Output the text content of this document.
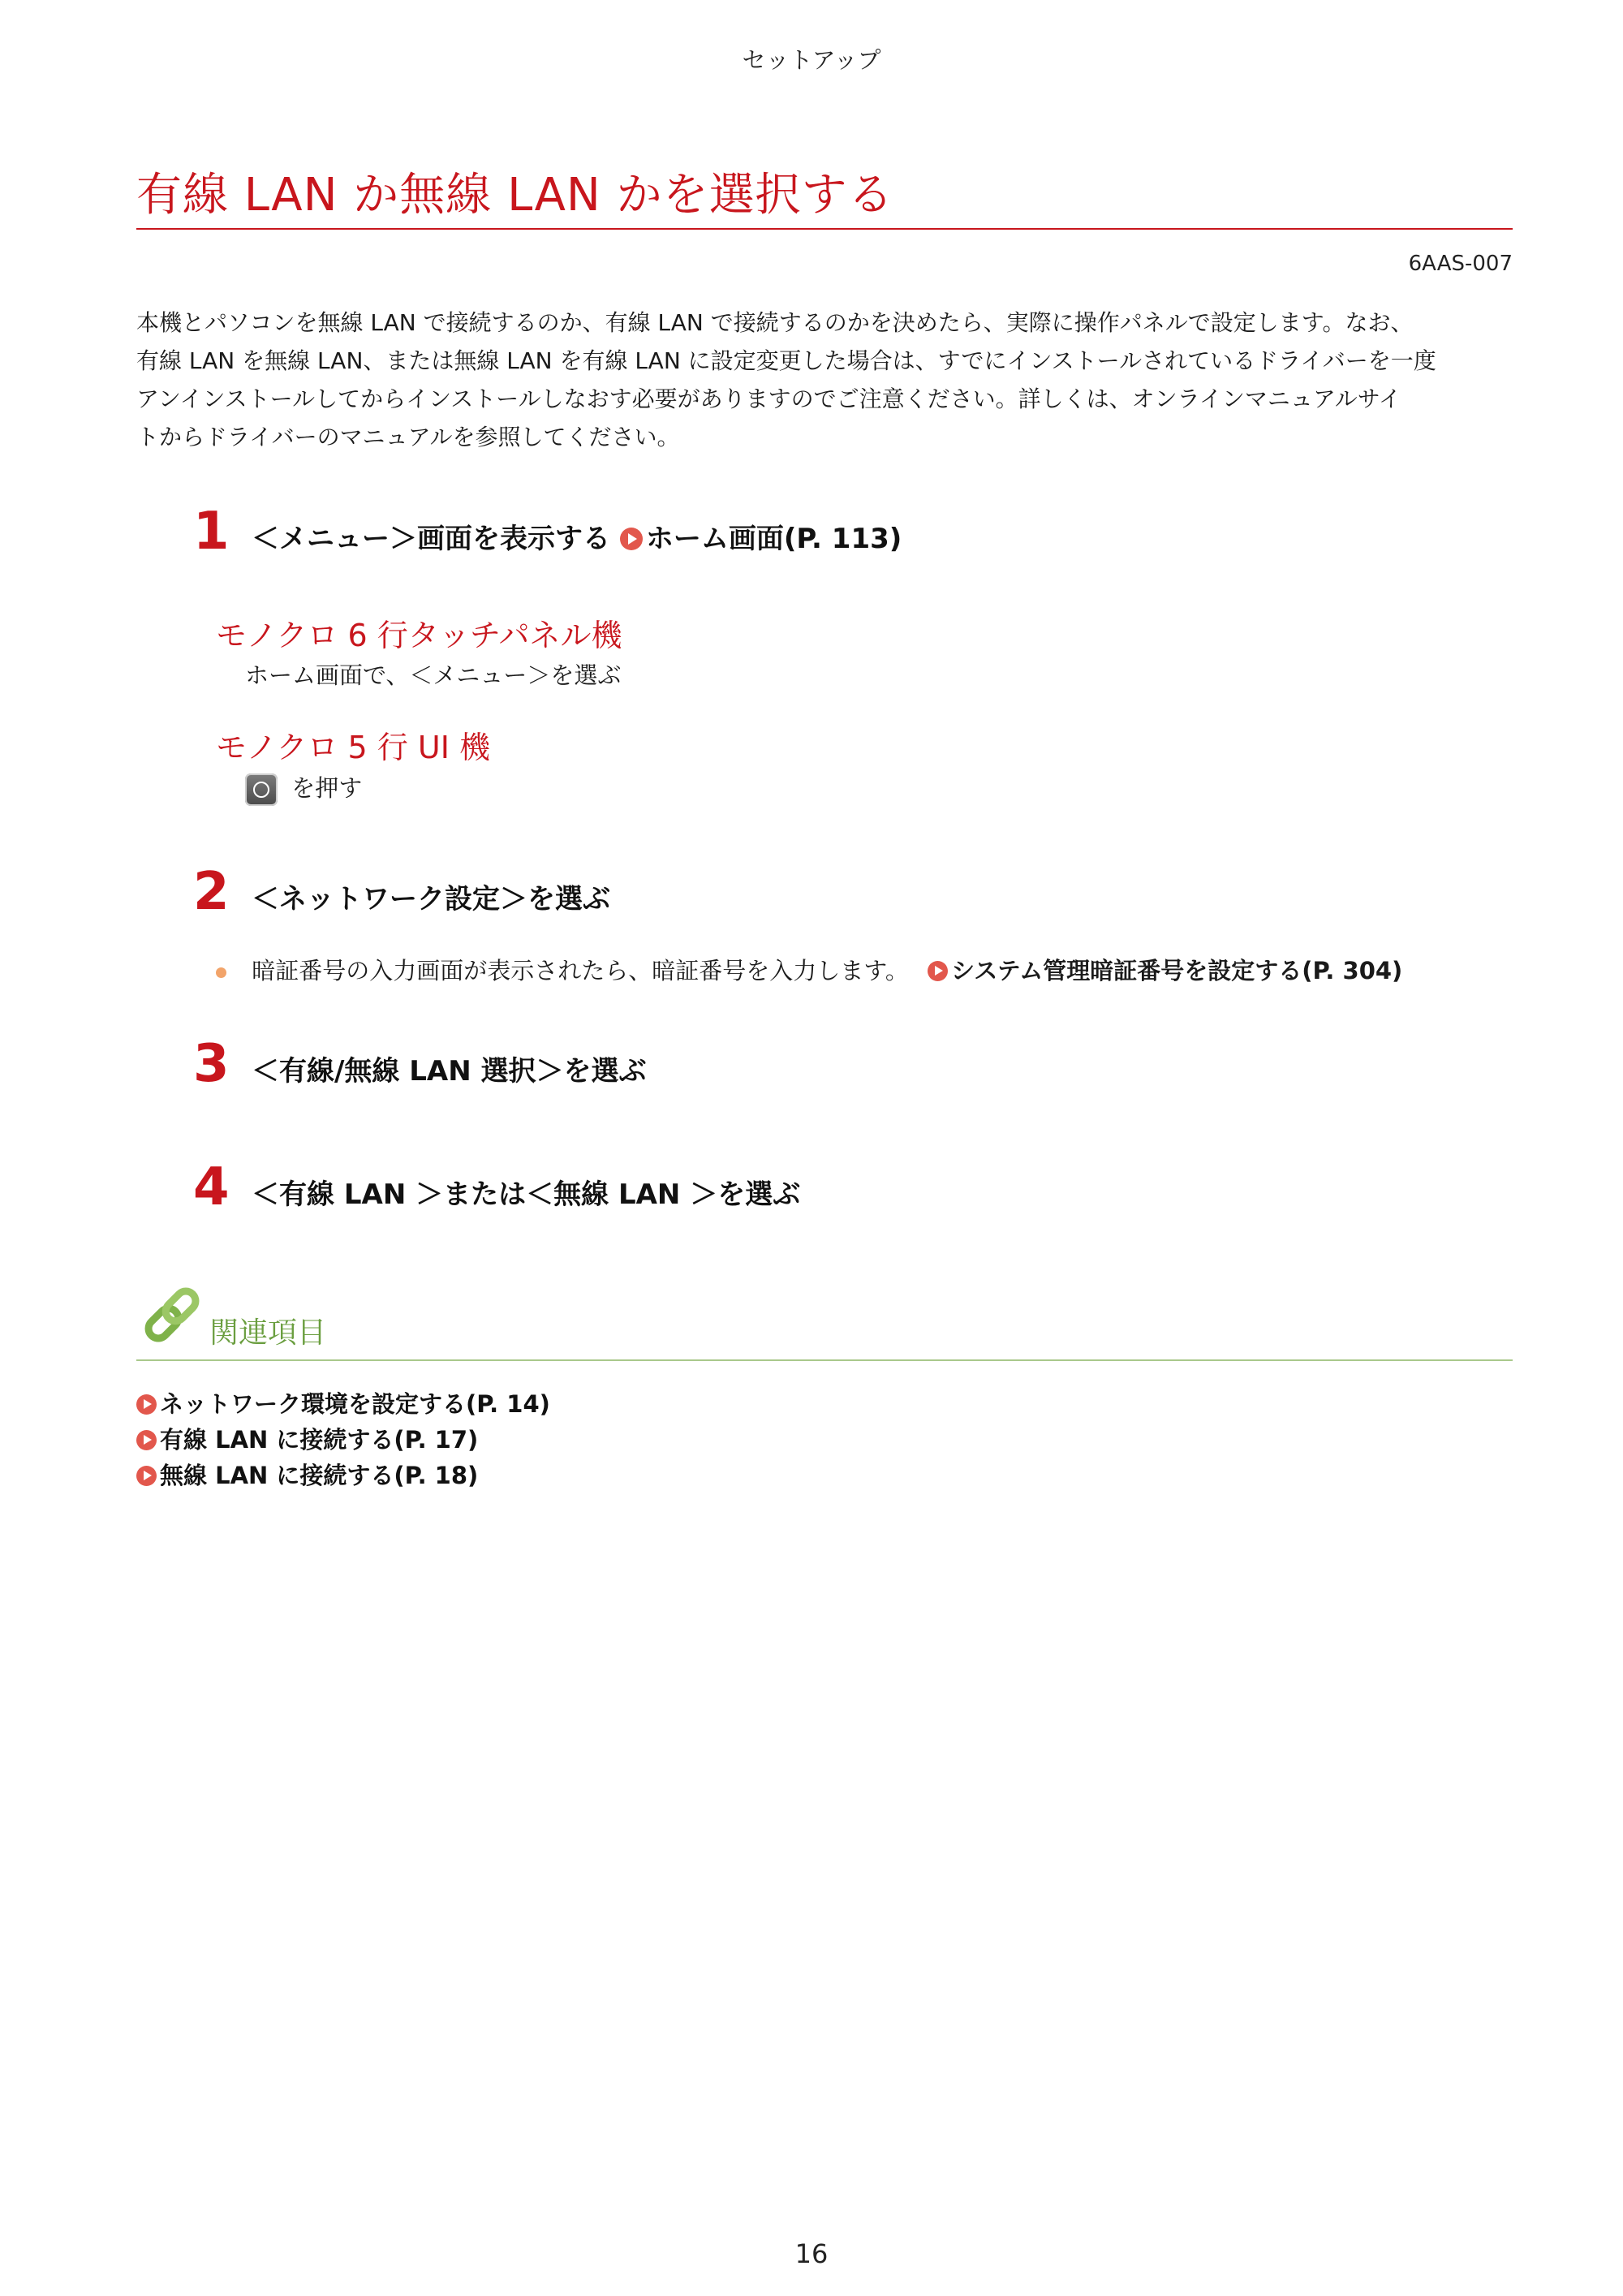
セットアップ
有線 LAN か無線 LAN かを選択する
6AAS-007
本機とパソコンを無線 LAN で接続するのか、有線 LAN で接続するのかを決めたら、実際に操作パネルで設定します。なお、
有線 LAN を無線 LAN、または無線 LAN を有線 LAN に設定変更した場合は、すでにインストールされているドライバーを一度
アンインストールしてからインストールしなおす必要がありますのでご注意ください。詳しくは、オンラインマニュアルサイ
トからドライバーのマニュアルを参照してください。
1 ＜メニュー＞画面を表示する ホーム画面(P. 113)
モノクロ 6 行タッチパネル機
ホーム画面で、＜メニュー＞を選ぶ
モノクロ 5 行 UI 機
を押す
2 ＜ネットワーク設定＞を選ぶ
暗証番号の入力画面が表示されたら、暗証番号を入力します。 システム管理暗証番号を設定する(P. 304)
3 ＜有線/無線 LAN 選択＞を選ぶ
4 ＜有線 LAN ＞または＜無線 LAN ＞を選ぶ
関連項目
ネットワーク環境を設定する(P. 14)
有線 LAN に接続する(P. 17)
無線 LAN に接続する(P. 18)
16
